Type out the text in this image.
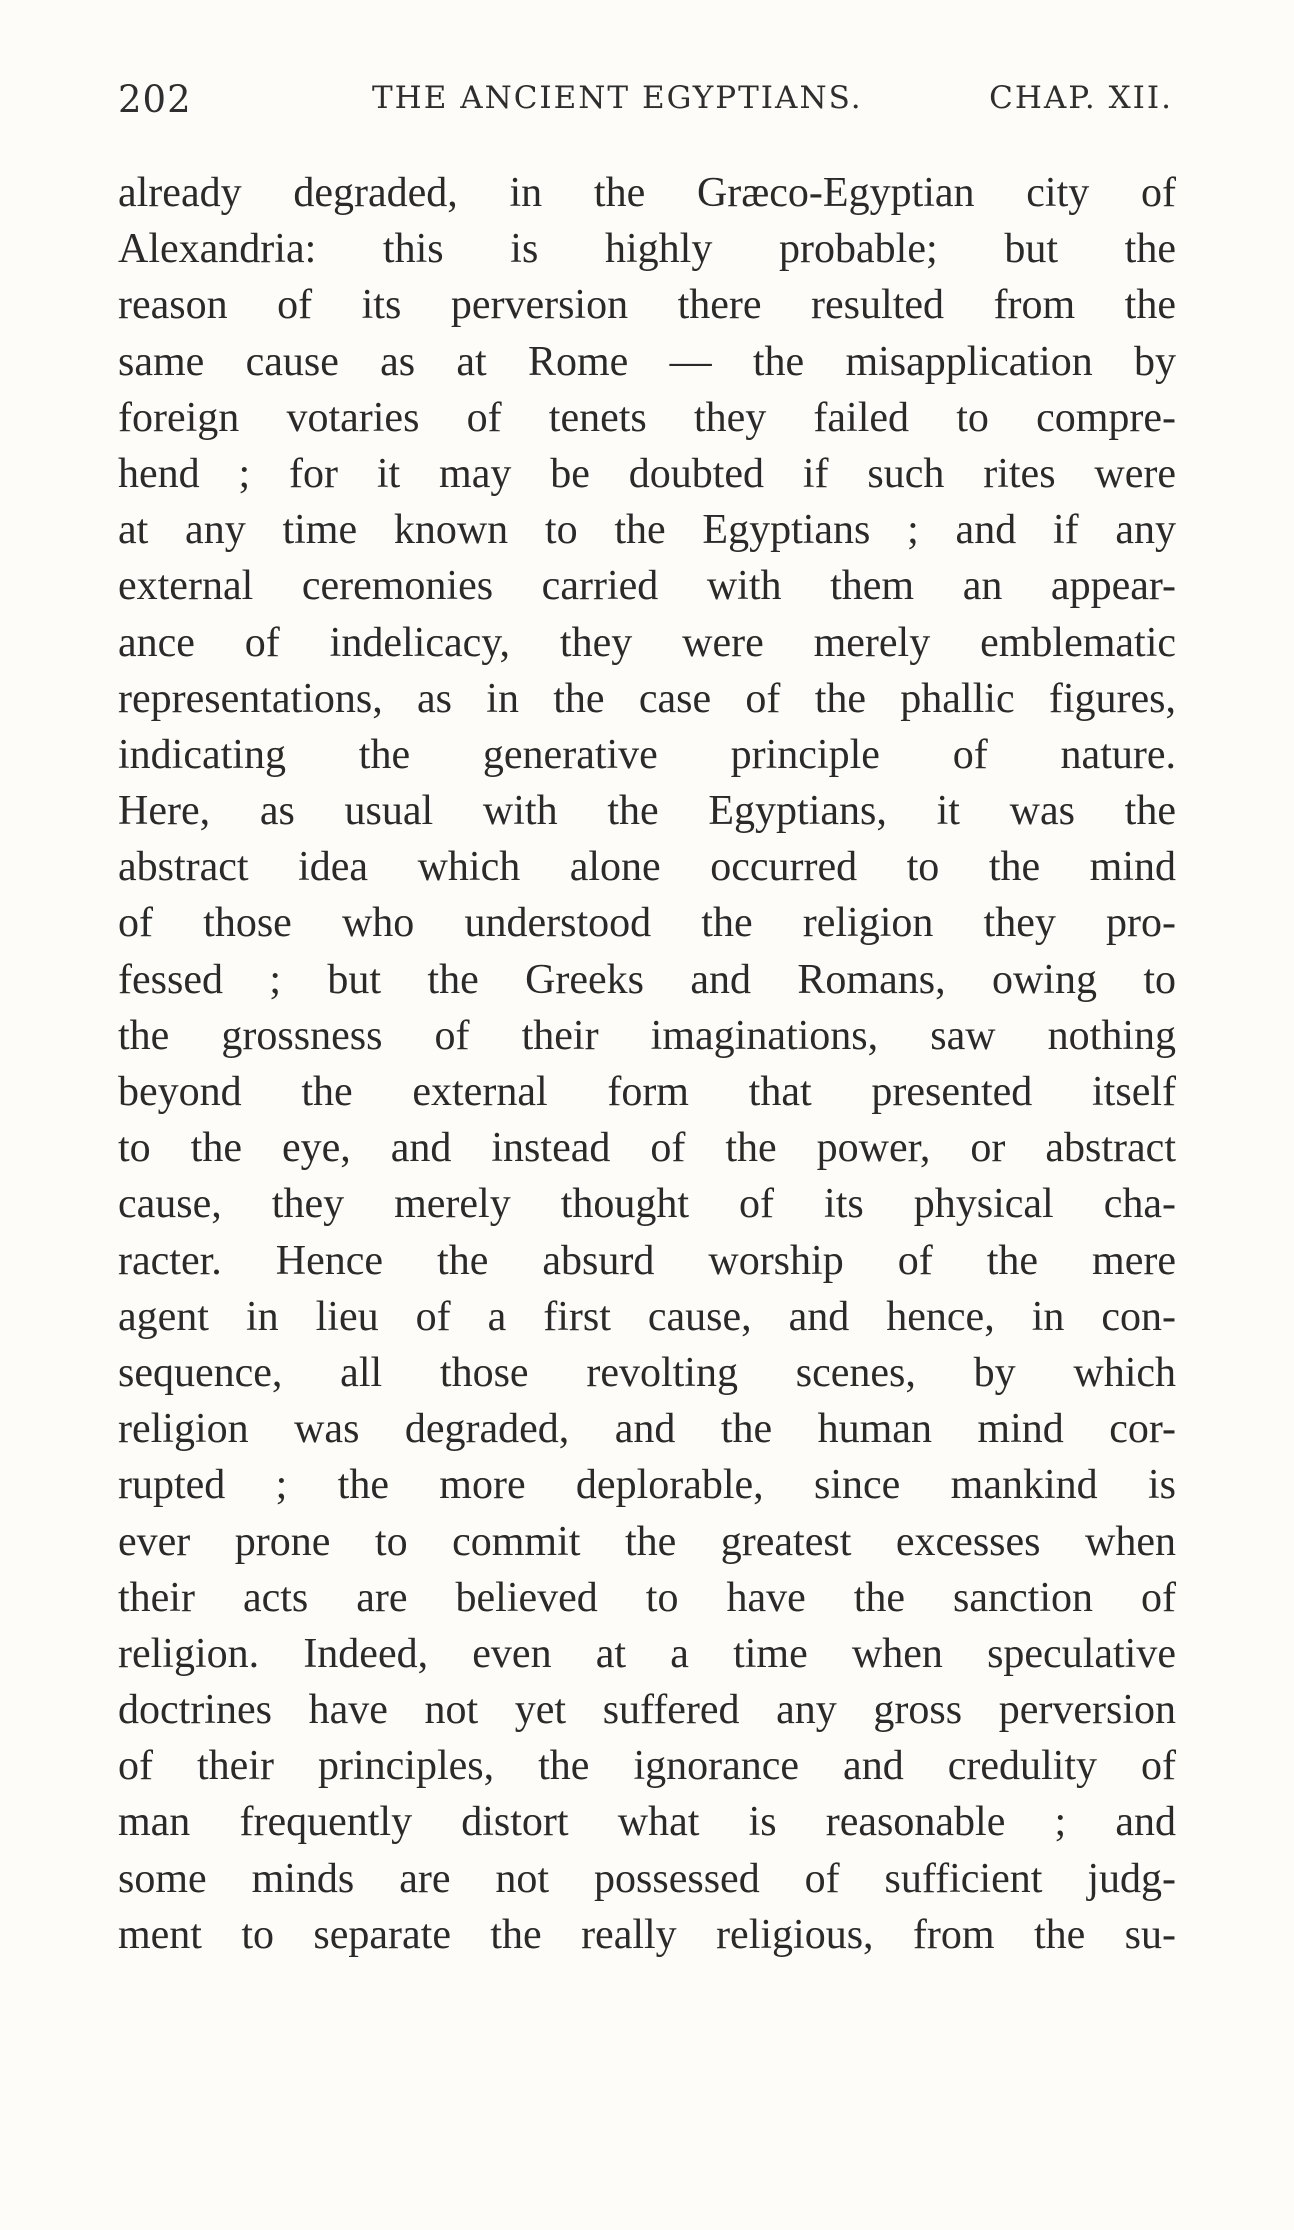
202	THE ANCIENT EGYPTIANS.	CHAP. XII.
already degraded, in the Græco-Egyptian city of
Alexandria: this is highly probable; but the
reason of its perversion there resulted from the
same cause as at Rome — the misapplication by
foreign votaries of tenets they failed to compre-
hend ; for it may be doubted if such rites were
at any time known to the Egyptians ; and if any
external ceremonies carried with them an appear-
ance of indelicacy, they were merely emblematic
representations, as in the case of the phallic figures,
indicating the generative principle of nature.
Here, as usual with the Egyptians, it was the
abstract idea which alone occurred to the mind
of those who understood the religion they pro-
fessed ; but the Greeks and Romans, owing to
the grossness of their imaginations, saw nothing
beyond the external form that presented itself
to the eye, and instead of the power, or abstract
cause, they merely thought of its physical cha-
racter. Hence the absurd worship of the mere
agent in lieu of a first cause, and hence, in con-
sequence, all those revolting scenes, by which
religion was degraded, and the human mind cor-
rupted ; the more deplorable, since mankind is
ever prone to commit the greatest excesses when
their acts are believed to have the sanction of
religion. Indeed, even at a time when speculative
doctrines have not yet suffered any gross perversion
of their principles, the ignorance and credulity of
man frequently distort what is reasonable ; and
some minds are not possessed of sufficient judg-
ment to separate the really religious, from the su-
